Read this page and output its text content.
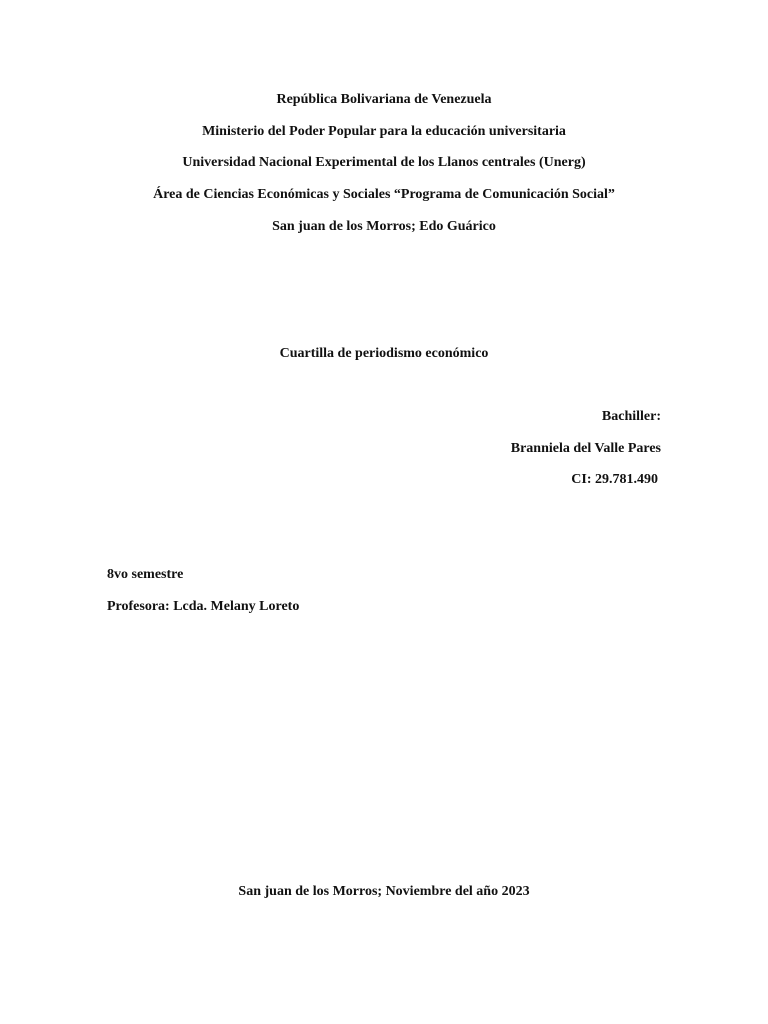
República Bolivariana de Venezuela
Ministerio del Poder Popular para la educación universitaria
Universidad Nacional Experimental de los Llanos centrales (Unerg)
Área de Ciencias Económicas y Sociales “Programa de Comunicación Social”
San juan de los Morros; Edo Guárico
Cuartilla de periodismo económico
Bachiller:
Branniela del Valle Pares
CI: 29.781.490
8vo semestre
Profesora: Lcda. Melany Loreto
San juan de los Morros; Noviembre del año 2023
